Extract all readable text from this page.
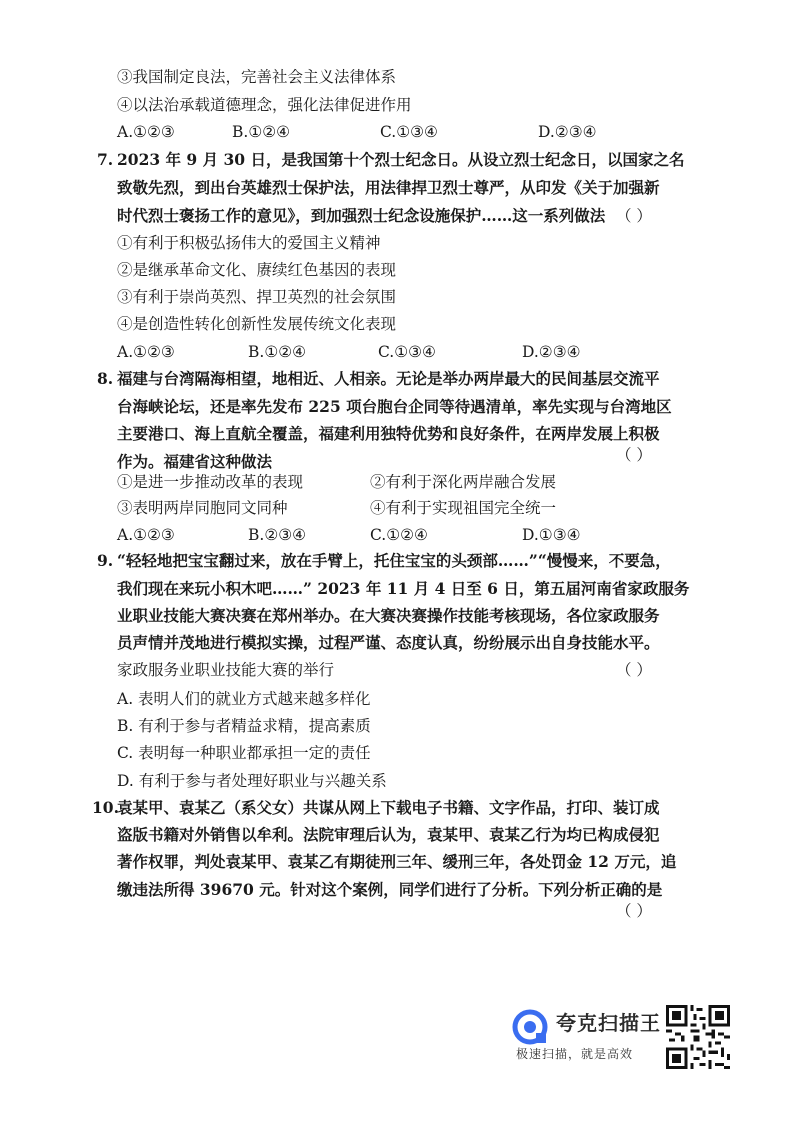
③我国制定良法，完善社会主义法律体系
④以法治承载道德理念，强化法律促进作用
A.①②③	B.①②④	C.①③④	D.②③④
7. 2023 年 9 月 30 日，是我国第十个烈士纪念日。从设立烈士纪念日，以国家之名
致敬先烈，到出台英雄烈士保护法，用法律捍卫烈士尊严，从印发《关于加强新
时代烈士褒扬工作的意见》，到加强烈士纪念设施保护……这一系列做法 （ ）
①有利于积极弘扬伟大的爱国主义精神
②是继承革命文化、赓续红色基因的表现
③有利于崇尚英烈、捍卫英烈的社会氛围
④是创造性转化创新性发展传统文化表现
A.①②③	B.①②④	C.①③④	D.②③④
8. 福建与台湾隔海相望，地相近、人相亲。无论是举办两岸最大的民间基层交流平
台海峡论坛，还是率先发布 225 项台胞台企同等待遇清单，率先实现与台湾地区
主要港口、海上直航全覆盖，福建利用独特优势和良好条件，在两岸发展上积极
作为。福建省这种做法	（ ）
①是进一步推动改革的表现	②有利于深化两岸融合发展
③表明两岸同胞同文同种	④有利于实现祖国完全统一
A.①②③	B.②③④	C.①②④	D.①③④
9. “轻轻地把宝宝翻过来，放在手臂上，托住宝宝的头颈部……”“慢慢来，不要急，
我们现在来玩小积木吧……” 2023 年 11 月 4 日至 6 日，第五届河南省家政服务
业职业技能大赛决赛在郑州举办。在大赛决赛操作技能考核现场，各位家政服务
员声情并茂地进行模拟实操，过程严谨、态度认真，纷纷展示出自身技能水平。
家政服务业职业技能大赛的举行	（ ）
A. 表明人们的就业方式越来越多样化
B. 有利于参与者精益求精，提高素质
C. 表明每一种职业都承担一定的责任
D. 有利于参与者处理好职业与兴趣关系
10.
袁某甲、袁某乙（系父女）共谋从网上下载电子书籍、文字作品，打印、装订成
盗版书籍对外销售以牟利。法院审理后认为，袁某甲、袁某乙行为均已构成侵犯
著作权罪，判处袁某甲、袁某乙有期徒刑三年、缓刑三年，各处罚金 12 万元，追
缴违法所得 39670 元。针对这个案例，同学们进行了分析。下列分析正确的是
（ ）
夸克扫描王
极速扫描，就是高效
